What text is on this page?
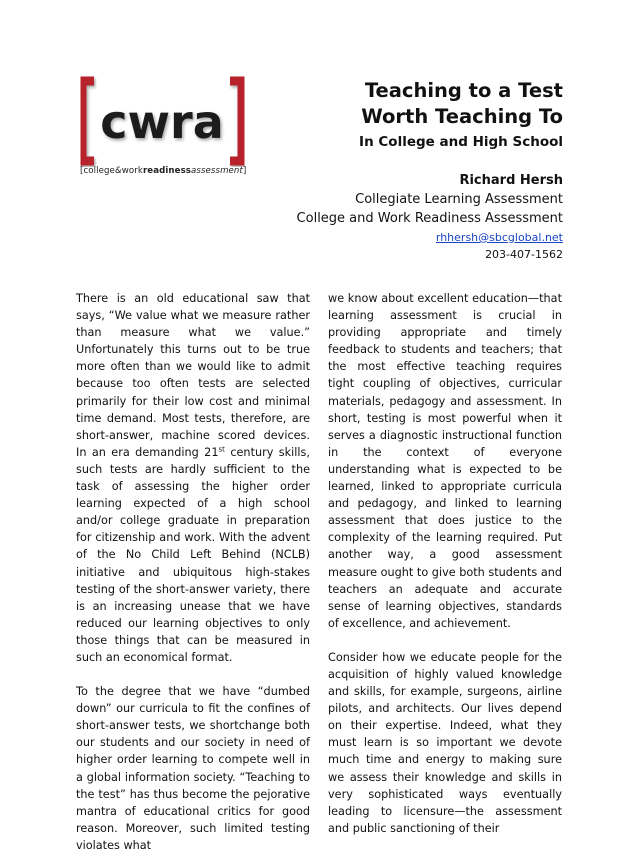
cwra
[college&workreadinessassessment]
Teaching to a Test
Worth Teaching To
In College and High School
Richard Hersh
Collegiate Learning Assessment
College and Work Readiness Assessment
rhhersh@sbcglobal.net
203-407-1562

There is an old educational saw that says, “We value what we measure rather than measure what we value.” Unfortunately this turns out to be true more often than we would like to admit because too often tests are selected primarily for their low cost and minimal time demand. Most tests, therefore, are short-answer, machine scored devices. In an era demanding 21st century skills, such tests are hardly sufficient to the task of assessing the higher order learning expected of a high school and/or college graduate in preparation for citizenship and work. With the advent of the No Child Left Behind (NCLB) initiative and ubiquitous high-stakes testing of the short-answer variety, there is an increasing unease that we have reduced our learning objectives to only those things that can be measured in such an economical format.

To the degree that we have “dumbed down” our curricula to fit the confines of short-answer tests, we shortchange both our students and our society in need of higher order learning to compete well in a global information society. “Teaching to the test” has thus become the pejorative mantra of educational critics for good reason. Moreover, such limited testing violates what

we know about excellent education—that learning assessment is crucial in providing appropriate and timely feedback to students and teachers; that the most effective teaching requires tight coupling of objectives, curricular materials, pedagogy and assessment. In short, testing is most powerful when it serves a diagnostic instructional function in the context of everyone understanding what is expected to be learned, linked to appropriate curricula and pedagogy, and linked to learning assessment that does justice to the complexity of the learning required. Put another way, a good assessment measure ought to give both students and teachers an adequate and accurate sense of learning objectives, standards of excellence, and achievement.

Consider how we educate people for the acquisition of highly valued knowledge and skills, for example, surgeons, airline pilots, and architects. Our lives depend on their expertise. Indeed, what they must learn is so important we devote much time and energy to making sure we assess their knowledge and skills in very sophisticated ways eventually leading to licensure—the assessment and public sanctioning of their
